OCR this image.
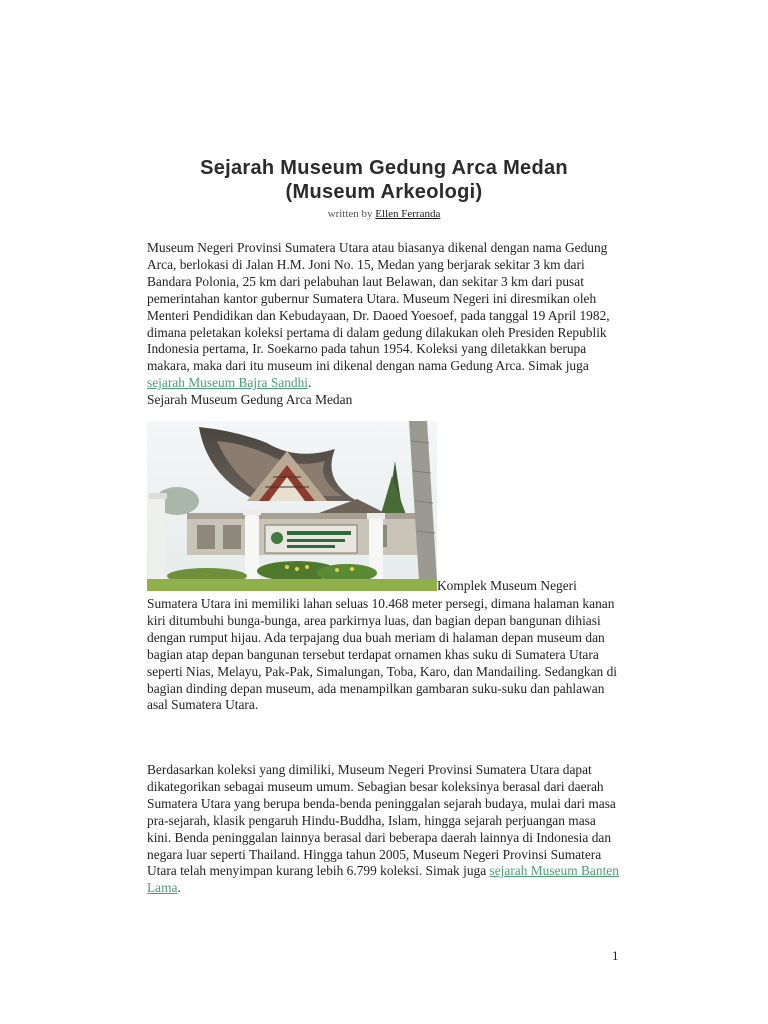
Sejarah Museum Gedung Arca Medan
(Museum Arkeologi)
written by Ellen Ferranda

Museum Negeri Provinsi Sumatera Utara atau biasanya dikenal dengan nama Gedung Arca, berlokasi di Jalan H.M. Joni No. 15, Medan yang berjarak sekitar 3 km dari Bandara Polonia, 25 km dari pelabuhan laut Belawan, dan sekitar 3 km dari pusat pemerintahan kantor gubernur Sumatera Utara. Museum Negeri ini diresmikan oleh Menteri Pendidikan dan Kebudayaan, Dr. Daoed Yoesoef, pada tanggal 19 April 1982, dimana peletakan koleksi pertama di dalam gedung dilakukan oleh Presiden Republik Indonesia pertama, Ir. Soekarno pada tahun 1954. Koleksi yang diletakkan berupa makara, maka dari itu museum ini dikenal dengan nama Gedung Arca. Simak juga sejarah Museum Bajra Sandhi.

Sejarah Museum Gedung Arca Medan

Komplek Museum Negeri

Sumatera Utara ini memiliki lahan seluas 10.468 meter persegi, dimana halaman kanan kiri ditumbuhi bunga-bunga, area parkirnya luas, dan bagian depan bangunan dihiasi dengan rumput hijau. Ada terpajang dua buah meriam di halaman depan museum dan bagian atap depan bangunan tersebut terdapat ornamen khas suku di Sumatera Utara seperti Nias, Melayu, Pak-Pak, Simalungan, Toba, Karo, dan Mandailing. Sedangkan di bagian dinding depan museum, ada menampilkan gambaran suku-suku dan pahlawan asal Sumatera Utara.

Berdasarkan koleksi yang dimiliki, Museum Negeri Provinsi Sumatera Utara dapat dikategorikan sebagai museum umum. Sebagian besar koleksinya berasal dari daerah Sumatera Utara yang berupa benda-benda peninggalan sejarah budaya, mulai dari masa pra-sejarah, klasik pengaruh Hindu-Buddha, Islam, hingga sejarah perjuangan masa kini. Benda peninggalan lainnya berasal dari beberapa daerah lainnya di Indonesia dan negara luar seperti Thailand. Hingga tahun 2005, Museum Negeri Provinsi Sumatera Utara telah menyimpan kurang lebih 6.799 koleksi. Simak juga sejarah Museum Banten Lama.

1
